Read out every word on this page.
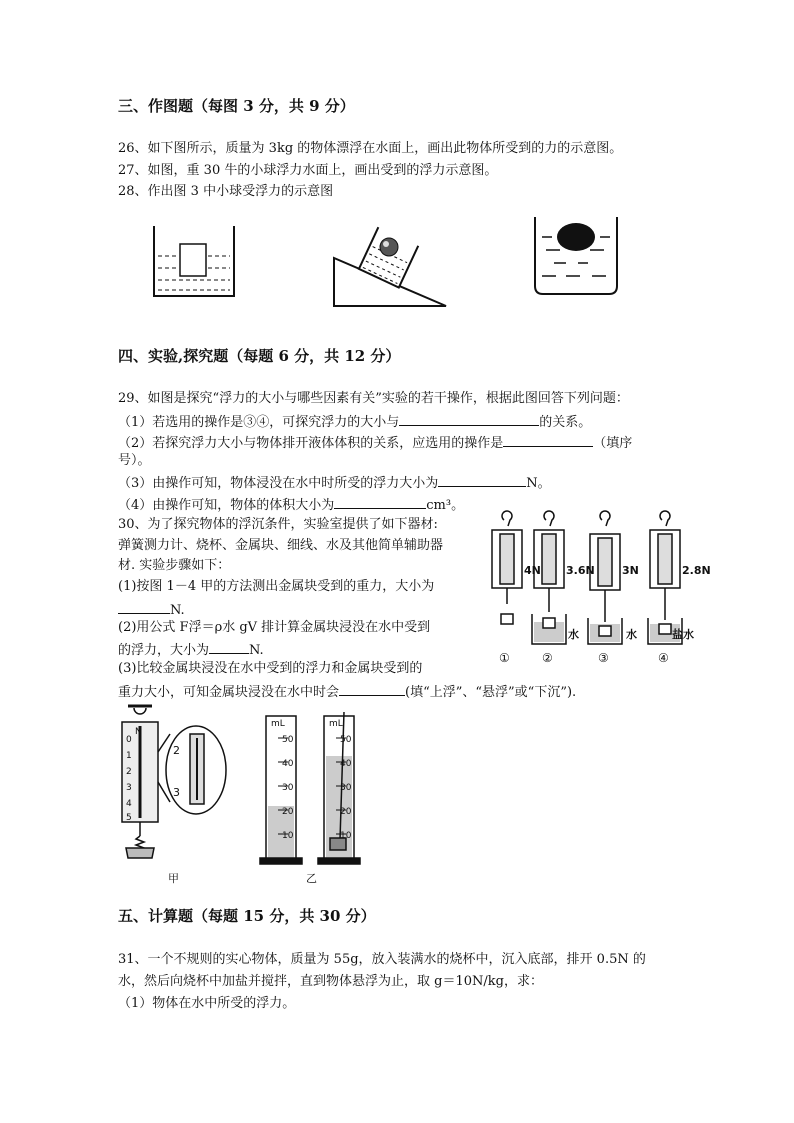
三、作图题（每图 3 分，共 9 分）
26、如下图所示，质量为 3kg 的物体漂浮在水面上，画出此物体所受到的力的示意图。
27、如图，重 30 牛的小球浮力水面上，画出受到的浮力示意图。
28、作出图 3 中小球受浮力的示意图
四、实验,探究题（每题 6 分，共 12 分）
29、如图是探究“浮力的大小与哪些因素有关”实验的若干操作，根据此图回答下列问题：
（1）若选用的操作是③④，可探究浮力的大小与	的关系。
（2）若探究浮力大小与物体排开液体体积的关系，应选用的操作是	（填序
号）。
（3）由操作可知，物体浸没在水中时所受的浮力大小为	N。
（4）由操作可知，物体的体积大小为	cm³。
30、为了探究物体的浮沉条件，实验室提供了如下器材:
弹簧测力计、烧杯、金属块、细线、水及其他简单辅助器
材. 实验步骤如下：
(1)按图 1－4 甲的方法测出金属块受到的重力，大小为
N.
(2)用公式 F浮＝ρ水 gV 排计算金属块浸没在水中受到
的浮力，大小为	N.
(3)比较金属块浸没在水中受到的浮力和金属块受到的
重力大小，可知金属块浸没在水中时会	(填“上浮”、“悬浮”或“下沉”).
4N 3.6N 3N	2.8N
水	水	盐水
①	②	③	④
N
0
1
2
3
4
5
mL	mL
50
40
30
20
10
50
40
30
20
10
2
3
甲	乙
五、计算题（每题 15 分，共 30 分）
31、一个不规则的实心物体，质量为 55g，放入装满水的烧杯中，沉入底部，排开 0.5N 的
水，然后向烧杯中加盐并搅拌，直到物体悬浮为止，取 g＝10N/kg，求：
（1）物体在水中所受的浮力。
